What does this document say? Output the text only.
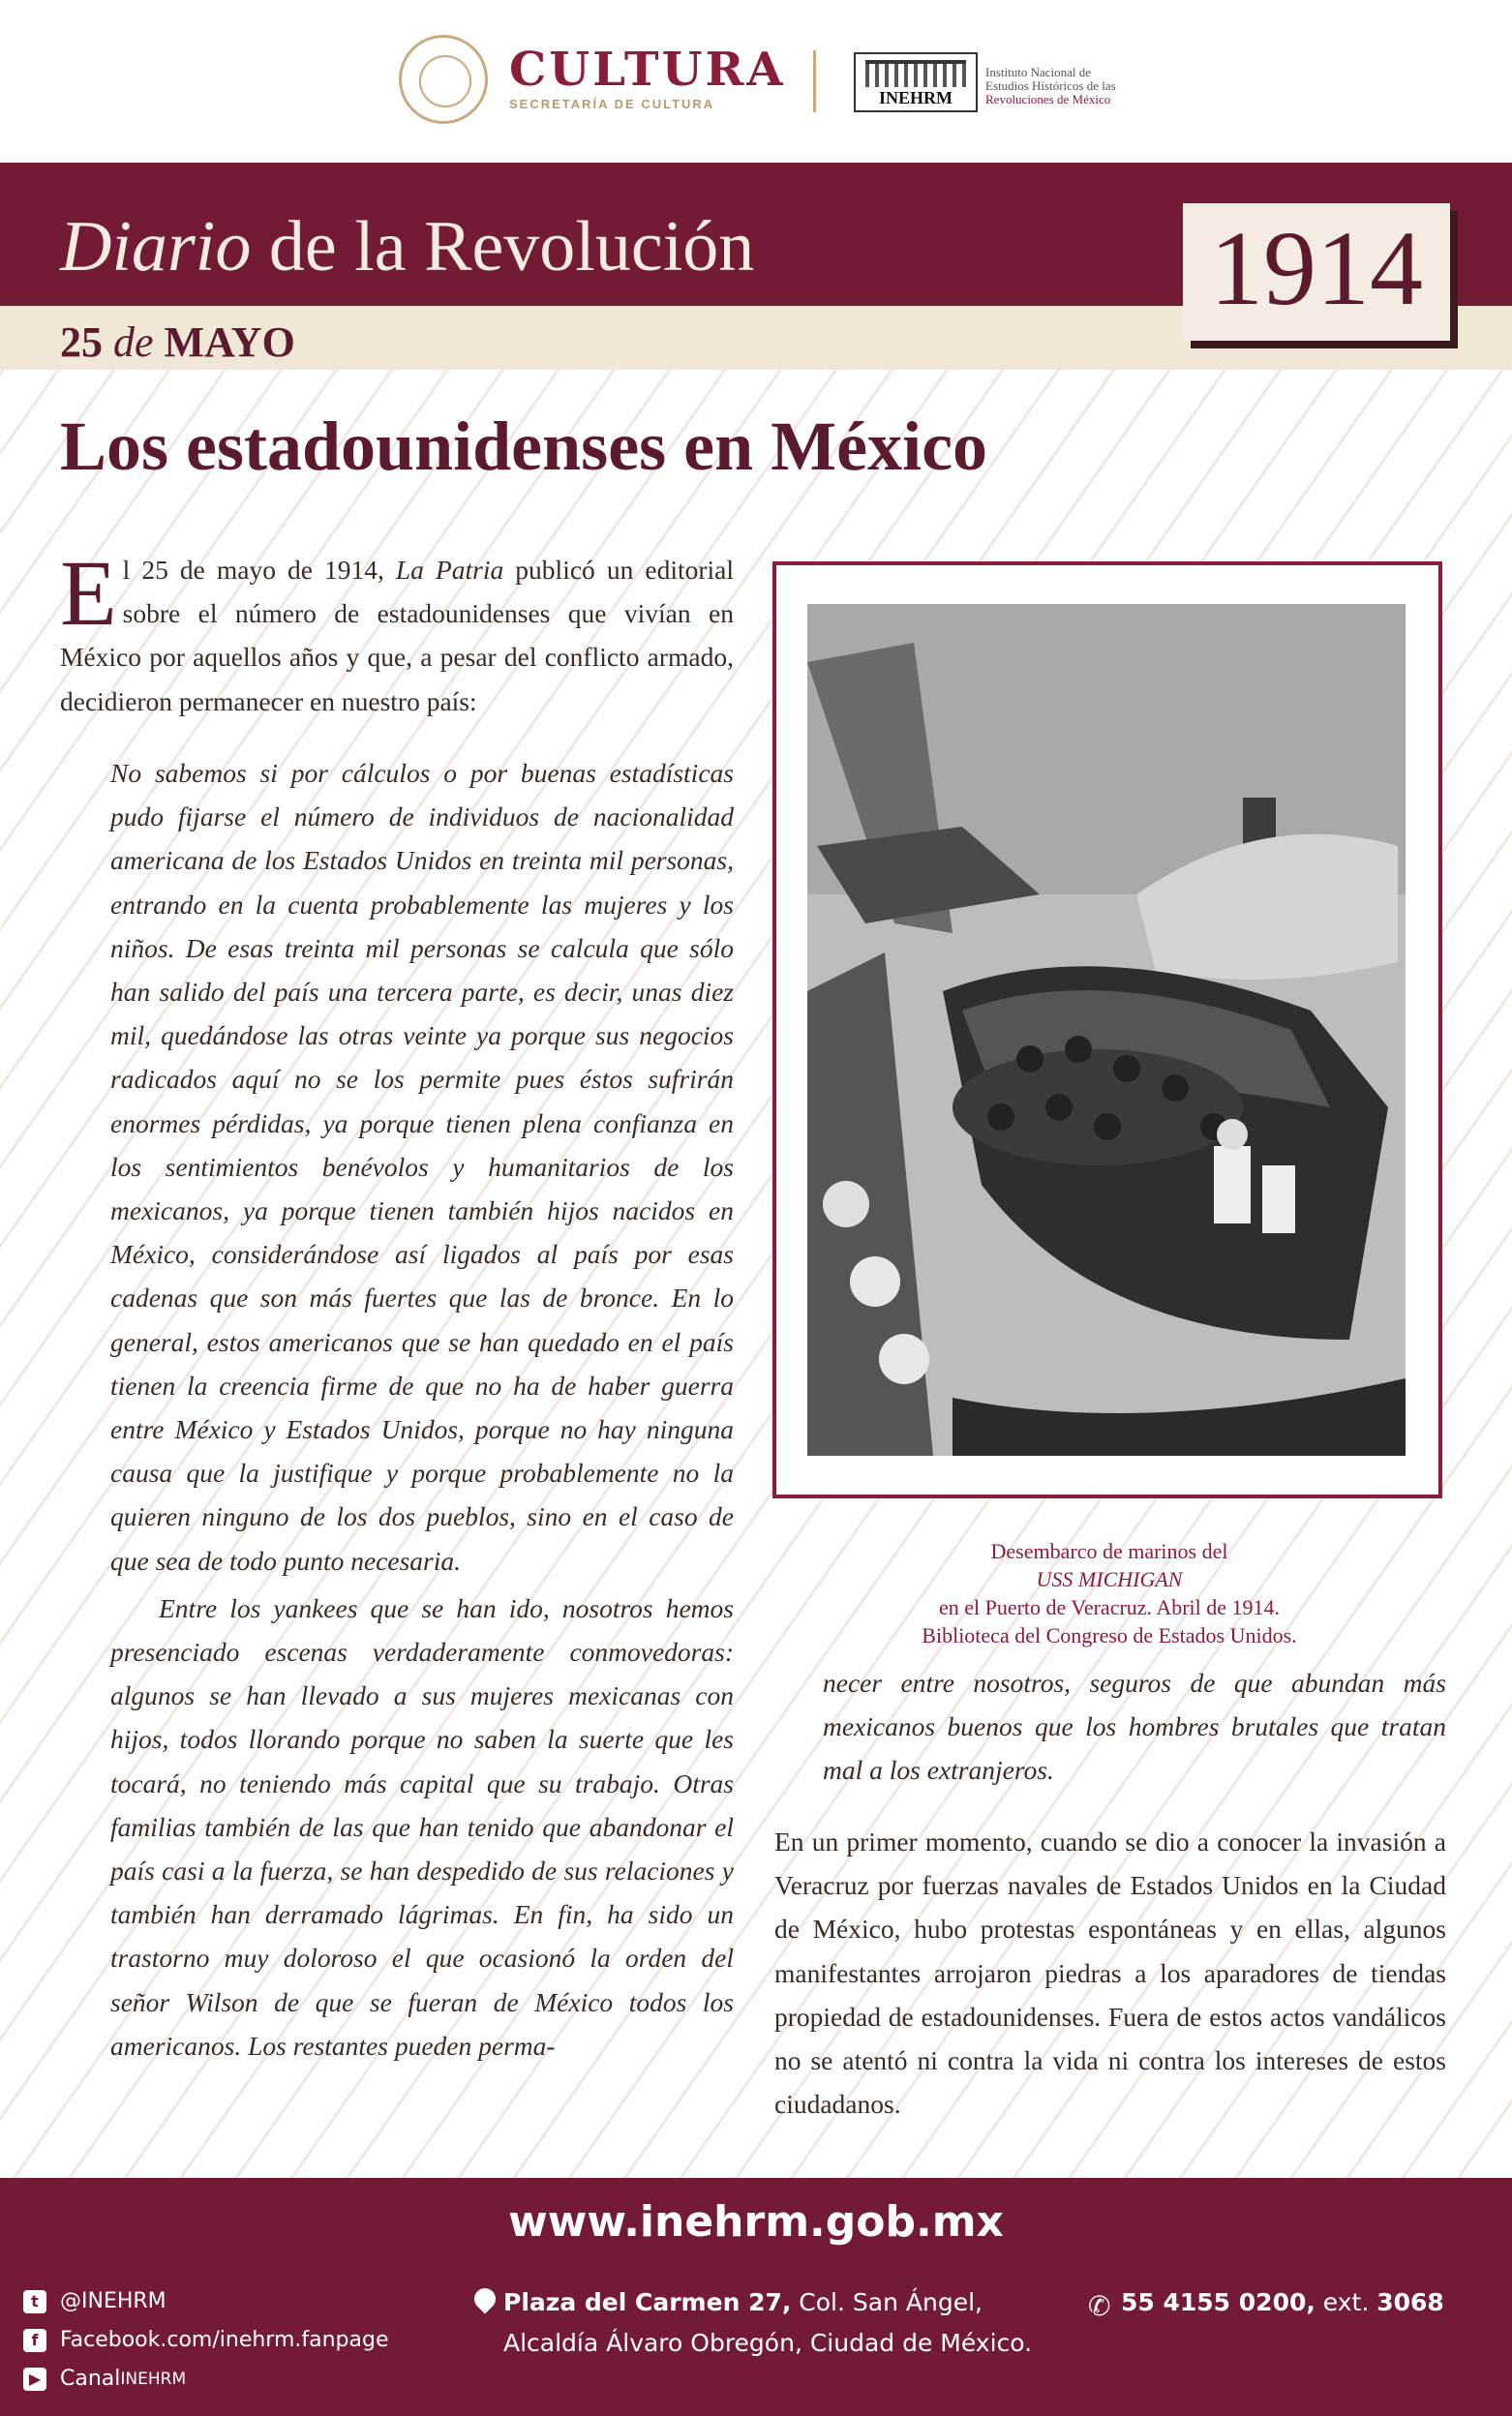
CULTURA
SECRETARÍA DE CULTURA	INEHRM
Instituto Nacional de
Estudios Históricos de las
Revoluciones de México
Diario de la Revolución
25 de MAYO
1914
Los estadounidenses en México
El 25 de mayo de 1914, La Patria publicó un editorial sobre el número de estadounidenses que vivían en México por aquellos años y que, a pesar del conflicto armado, decidieron permanecer en nuestro país:

No sabemos si por cálculos o por buenas estadísticas pudo fijarse el número de individuos de nacionalidad americana de los Estados Unidos en treinta mil personas, entrando en la cuenta probablemente las mujeres y los niños. De esas treinta mil personas se calcula que sólo han salido del país una tercera parte, es decir, unas diez mil, quedándose las otras veinte ya porque sus negocios radicados aquí no se los permite pues éstos sufrirán enormes pérdidas, ya porque tienen plena confianza en los sentimientos benévolos y humanitarios de los mexicanos, ya porque tienen también hijos nacidos en México, considerándose así ligados al país por esas cadenas que son más fuertes que las de bronce. En lo general, estos americanos que se han quedado en el país tienen la creencia firme de que no ha de haber guerra entre México y Estados Unidos, porque no hay ninguna causa que la justifique y porque probablemente no la quieren ninguno de los dos pueblos, sino en el caso de que sea de todo punto necesaria.

Entre los yankees que se han ido, nosotros hemos presenciado escenas verdaderamente conmovedoras: algunos se han llevado a sus mujeres mexicanas con hijos, todos llorando porque no saben la suerte que les tocará, no teniendo más capital que su trabajo. Otras familias también de las que han tenido que abandonar el país casi a la fuerza, se han despedido de sus relaciones y también han derramado lágrimas. En fin, ha sido un trastorno muy doloroso el que ocasionó la orden del señor Wilson de que se fueran de México todos los americanos. Los restantes pueden perma-

Desembarco de marinos del
USS MICHIGAN
en el Puerto de Veracruz. Abril de 1914.
Biblioteca del Congreso de Estados Unidos.
necer entre nosotros, seguros de que abundan más mexicanos buenos que los hombres brutales que tratan mal a los extranjeros.
En un primer momento, cuando se dio a conocer la invasión a Veracruz por fuerzas navales de Estados Unidos en la Ciudad de México, hubo protestas espontáneas y en ellas, algunos manifestantes arrojaron piedras a los aparadores de tiendas propiedad de estadounidenses. Fuera de estos actos vandálicos no se atentó ni contra la vida ni contra los intereses de estos ciudadanos.
www.inehrm.gob.mx
t	@INEHRM
f	Facebook.com/inehrm.fanpage
▶ Canal INEHRM
Plaza del Carmen 27, Col. San Ángel,
Alcaldía Álvaro Obregón, Ciudad de México.
✆ 55 4155 0200, ext. 3068
